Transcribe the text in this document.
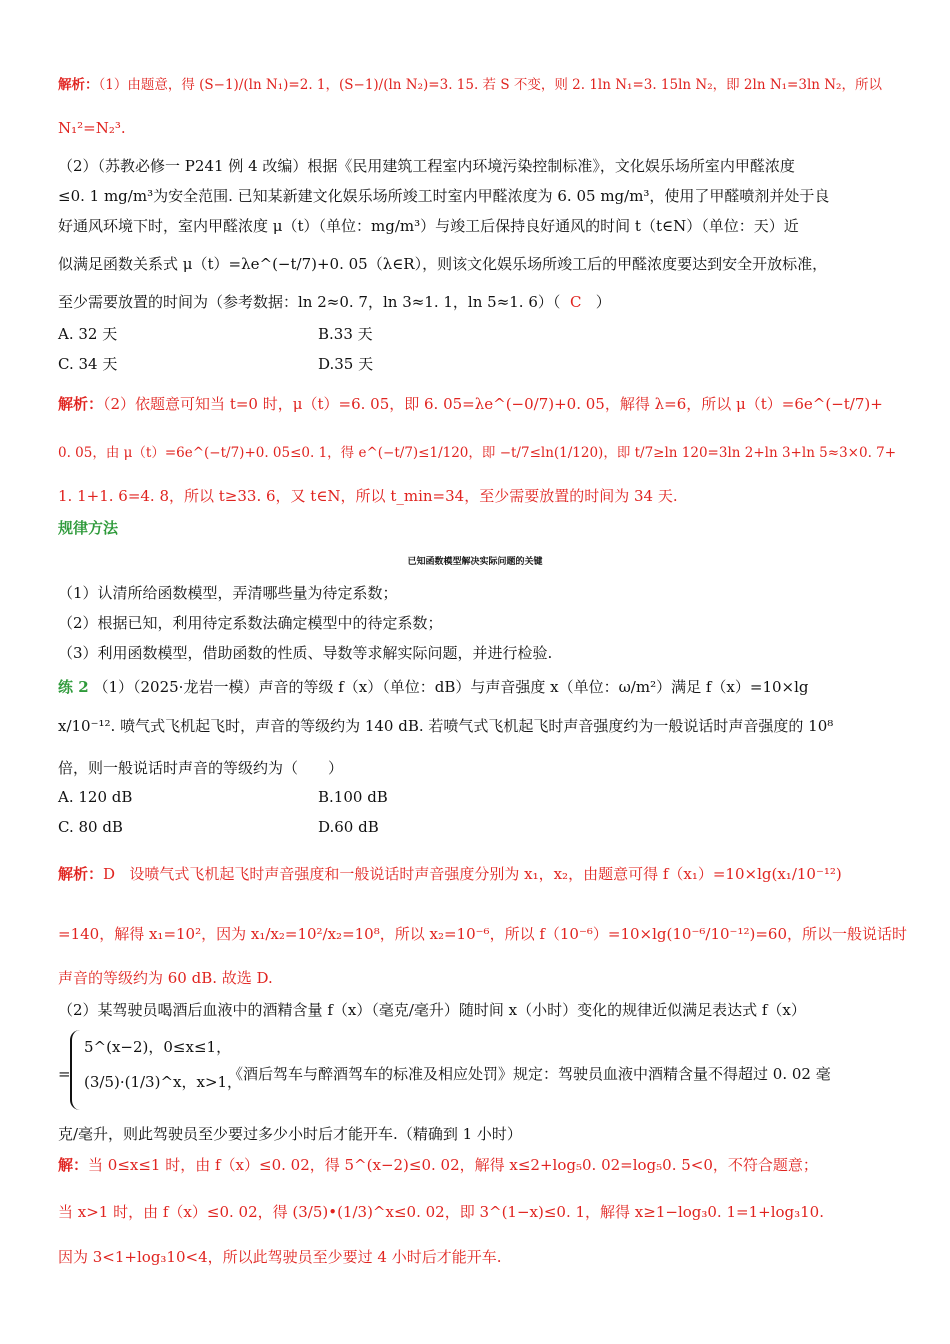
解析：（1）由题意，得 (S−1)/(ln N₁)=2. 1，(S−1)/(ln N₂)=3. 15. 若 S 不变，则 2. 1ln N₁=3. 15ln N₂，即 2ln N₁=3ln N₂，所以
N₁²=N₂³.
（2）（苏教必修一 P241 例 4 改编）根据《民用建筑工程室内环境污染控制标准》，文化娱乐场所室内甲醛浓度
≤0. 1 mg/m³为安全范围. 已知某新建文化娱乐场所竣工时室内甲醛浓度为 6. 05 mg/m³，使用了甲醛喷剂并处于良
好通风环境下时，室内甲醛浓度 μ（t）（单位：mg/m³）与竣工后保持良好通风的时间 t（t∈N）（单位：天）近
似满足函数关系式 μ（t）=λe^(−t/7)+0. 05（λ∈R），则该文化娱乐场所竣工后的甲醛浓度要达到安全开放标准，
至少需要放置的时间为（参考数据：ln 2≈0. 7，ln 3≈1. 1，ln 5≈1. 6）（ C ）
A. 32 天	B.33 天
C. 34 天	D.35 天
解析：（2）依题意可知当 t=0 时，μ（t）=6. 05，即 6. 05=λe^(−0/7)+0. 05，解得 λ=6，所以 μ（t）=6e^(−t/7)+
0. 05，由 μ（t）=6e^(−t/7)+0. 05≤0. 1，得 e^(−t/7)≤1/120，即 −t/7≤ln(1/120)，即 t/7≥ln 120=3ln 2+ln 3+ln 5≈3×0. 7+
1. 1+1. 6=4. 8，所以 t≥33. 6，又 t∈N，所以 t_min=34，至少需要放置的时间为 34 天.
规律方法
已知函数模型解决实际问题的关键
（1）认清所给函数模型，弄清哪些量为待定系数；
（2）根据已知，利用待定系数法确定模型中的待定系数；
（3）利用函数模型，借助函数的性质、导数等求解实际问题，并进行检验.
练 2 （1）（2025·龙岩一模）声音的等级 f（x）（单位：dB）与声音强度 x（单位：ω/m²）满足 f（x）=10×lg
x/10⁻¹². 喷气式飞机起飞时，声音的等级约为 140 dB. 若喷气式飞机起飞时声音强度约为一般说话时声音强度的 10⁸
倍，则一般说话时声音的等级约为（　　）
A. 120 dB	B.100 dB
C. 80 dB	D.60 dB
解析：D 设喷气式飞机起飞时声音强度和一般说话时声音强度分别为 x₁，x₂，由题意可得 f（x₁）=10×lg(x₁/10⁻¹²)
=140，解得 x₁=10²，因为 x₁/x₂=10²/x₂=10⁸，所以 x₂=10⁻⁶，所以 f（10⁻⁶）=10×lg(10⁻⁶/10⁻¹²)=60，所以一般说话时
声音的等级约为 60 dB. 故选 D.
（2）某驾驶员喝酒后血液中的酒精含量 f（x）（毫克/毫升）随时间 x（小时）变化的规律近似满足表达式 f（x）
=
5^(x−2)，0≤x≤1，
(3/5)·(1/3)^x，x>1，
《酒后驾车与醉酒驾车的标准及相应处罚》规定：驾驶员血液中酒精含量不得超过 0. 02 毫
克/毫升，则此驾驶员至少要过多少小时后才能开车.（精确到 1 小时）
解：当 0≤x≤1 时，由 f（x）≤0. 02，得 5^(x−2)≤0. 02，解得 x≤2+log₅0. 02=log₅0. 5<0，不符合题意；
当 x>1 时，由 f（x）≤0. 02，得 (3/5)•(1/3)^x≤0. 02，即 3^(1−x)≤0. 1，解得 x≥1−log₃0. 1=1+log₃10.
因为 3<1+log₃10<4，所以此驾驶员至少要过 4 小时后才能开车.
